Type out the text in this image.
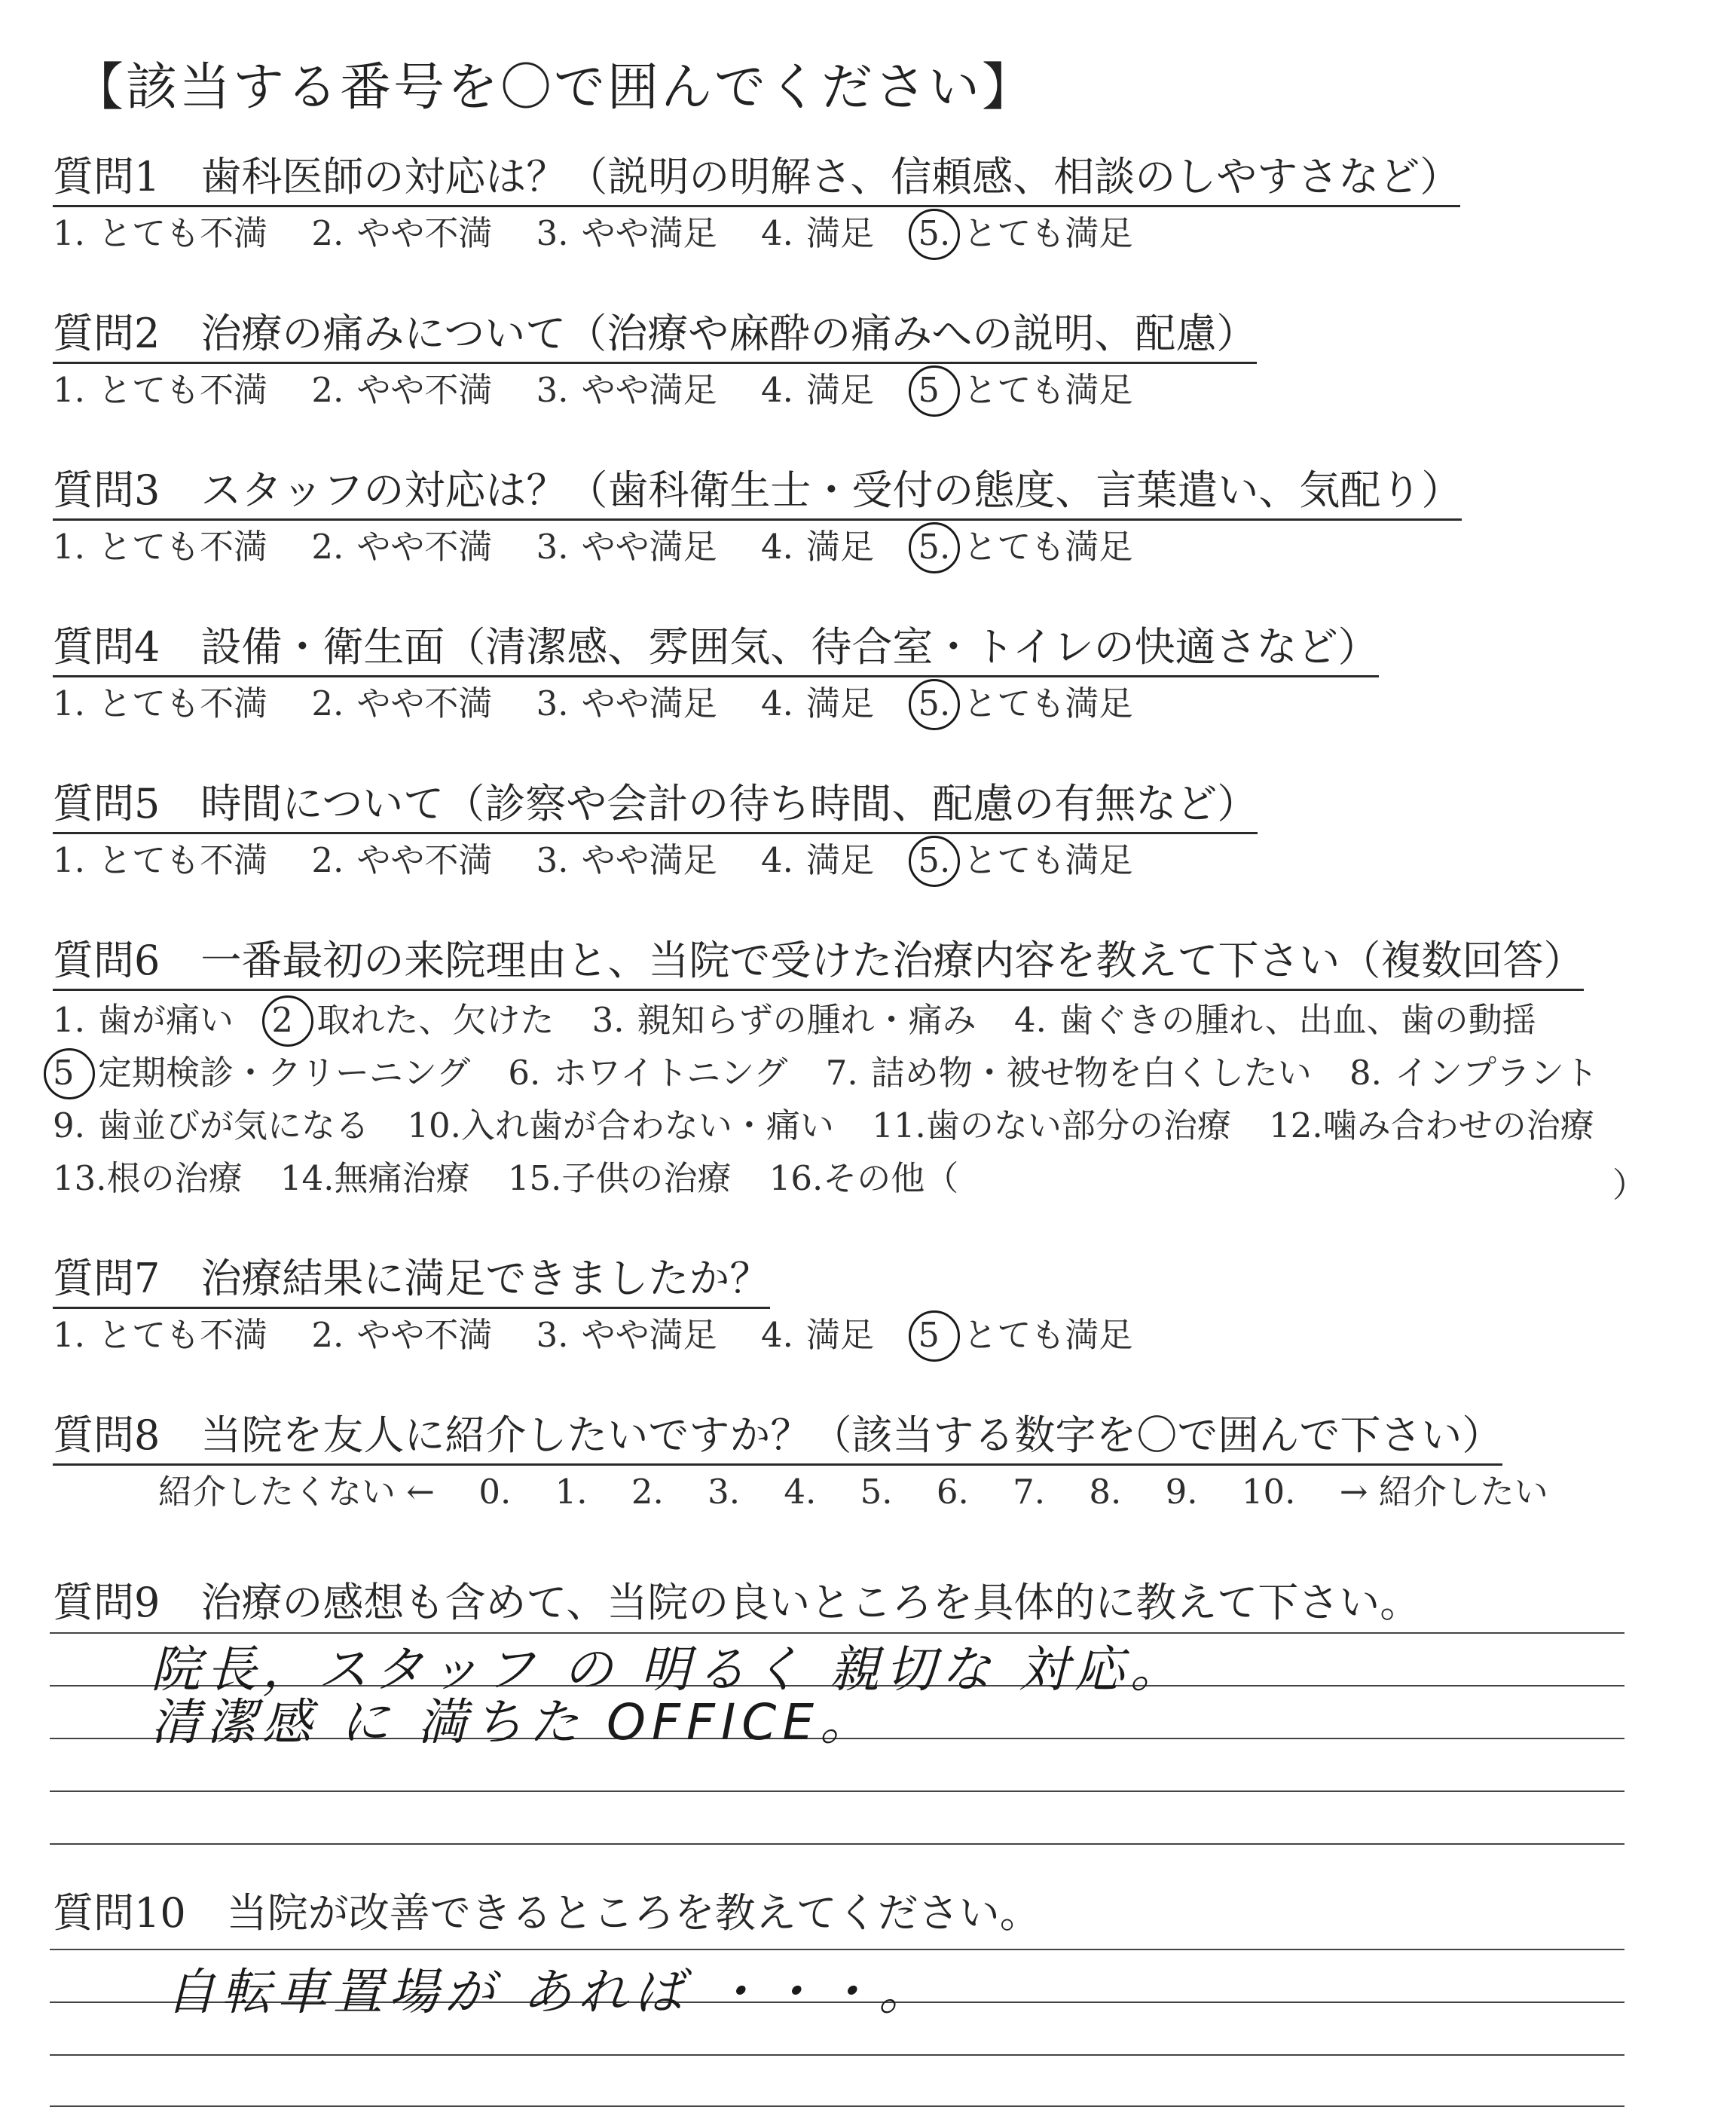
【該当する番号を〇で囲んでください】
質問1　歯科医師の対応は？（説明の明解さ、信頼感、相談のしやすさなど）
1. とても不満 2. やや不満 3. やや満足 4. 満足 5. とても満足
質問2　治療の痛みについて（治療や麻酔の痛みへの説明、配慮）
1. とても不満 2. やや不満 3. やや満足 4. 満足 5 とても満足
質問3　スタッフの対応は？（歯科衛生士・受付の態度、言葉遣い、気配り）
1. とても不満 2. やや不満 3. やや満足 4. 満足 5. とても満足
質問4　設備・衛生面（清潔感、雰囲気、待合室・トイレの快適さなど）
1. とても不満 2. やや不満 3. やや満足 4. 満足 5. とても満足
質問5　時間について（診察や会計の待ち時間、配慮の有無など）
1. とても不満 2. やや不満 3. やや満足 4. 満足 5. とても満足
質問6　一番最初の来院理由と、当院で受けた治療内容を教えて下さい（複数回答）
1. 歯が痛い 2 取れた、欠けた 3. 親知らずの腫れ・痛み 4. 歯ぐきの腫れ、出血、歯の動揺
5 定期検診・クリーニング 6. ホワイトニング 7. 詰め物・被せ物を白くしたい 8. インプラント
9. 歯並びが気になる 10.入れ歯が合わない・痛い 11.歯のない部分の治療 12.噛み合わせの治療
13.根の治療 14.無痛治療 15.子供の治療 16.その他（	）
質問7　治療結果に満足できましたか？
1. とても不満 2. やや不満 3. やや満足 4. 満足 5 とても満足
質問8　当院を友人に紹介したいですか？（該当する数字を〇で囲んで下さい）
紹介したくない ← 0. 1. 2. 3. 4. 5. 6. 7. 8. 9. 10. → 紹介したい
質問9　治療の感想も含めて、当院の良いところを具体的に教えて下さい。
院長，スタッフ の 明るく 親切な 対応。
清潔感 に 満ちた OFFICE。
質問10　当院が改善できるところを教えてください。
自転車置場が あれば ・・・。
